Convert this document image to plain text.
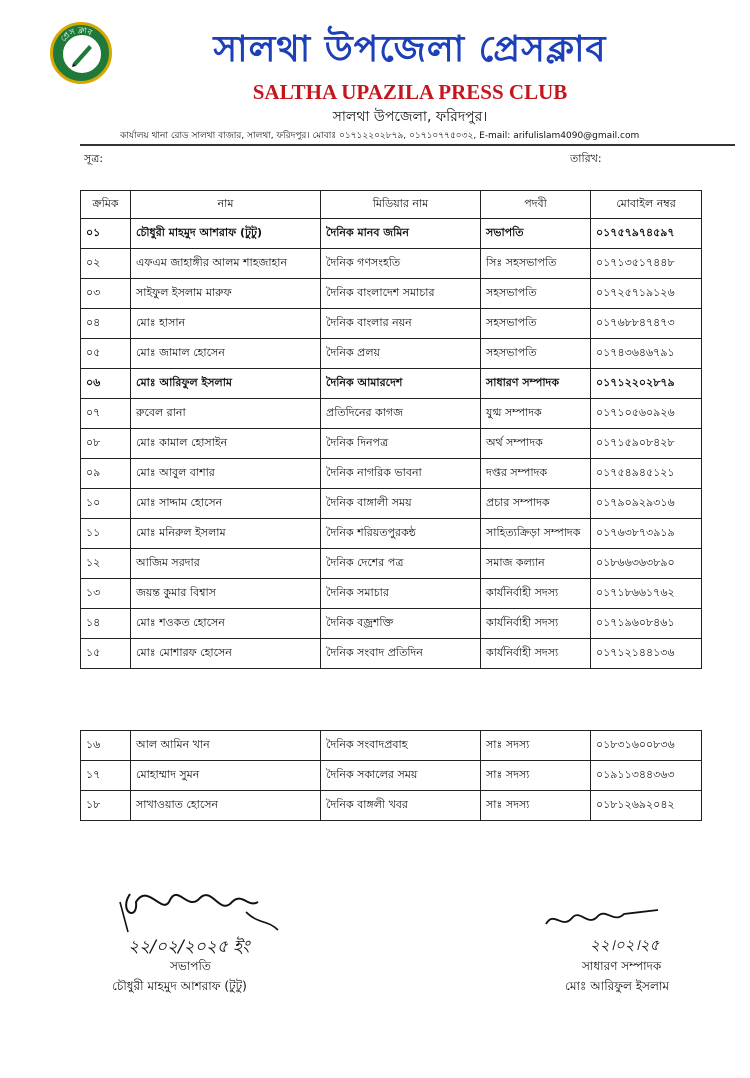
প্রেস ক্লাব	সালথা উপজেলা প্রেসক্লাব
SALTHA UPAZILA PRESS CLUB
সালথা উপজেলা, ফরিদপুর।
কার্যালয় থানা রোড সালথা বাজার, সালথা, ফরিদপুর। মোবাঃ ০১৭১২২০২৮৭৯, ০১৭১০৭৭৫০৩২, E-mail: arifulislam4090@gmail.com
সূত্র:	তারিখ:
ক্রমিক	নাম	মিডিয়ার নাম	পদবী	মোবাইল নম্বর
০১	চৌধুরী মাহমুদ আশরাফ (টুটু)	দৈনিক মানব জমিন	সভাপতি	০১৭৫৭৯৭৪৫৯৭
০২	এফএম জাহাঙ্গীর আলম শাহজাহান	দৈনিক গণসংহতি	সিঃ সহসভাপতি	০১৭১৩৫১৭৪৪৮
০৩	সাইফুল ইসলাম মারুফ	দৈনিক বাংলাদেশ সমাচার	সহসভাপতি	০১৭২৫৭১৯১২৬
০৪	মোঃ হাসান	দৈনিক বাংলার নয়ন	সহসভাপতি	০১৭৬৮৮৪৭৪৭৩
০৫	মোঃ জামাল হোসেন	দৈনিক প্রলয়	সহসভাপতি	০১৭৪৩৬৪৬৭৯১
০৬	মোঃ আরিফুল ইসলাম	দৈনিক আমারদেশ	সাধারণ সম্পাদক	০১৭১২২০২৮৭৯
০৭	রুবেল রানা	প্রতিদিনের কাগজ	যুগ্ম সম্পাদক	০১৭১০৫৬০৯২৬
০৮	মোঃ কামাল হোসাইন	দৈনিক দিনপত্র	অর্থ সম্পাদক	০১৭১৫৯০৮৪২৮
০৯	মোঃ আবুল বাশার	দৈনিক নাগরিক ভাবনা	দপ্তর সম্পাদক	০১৭৫৪৯৪৫১২১
১০	মোঃ সাদ্দাম হোসেন	দৈনিক বাঙ্গালী সময়	প্রচার সম্পাদক	০১৭৯০৯২৯৩১৬
১১	মোঃ মনিরুল ইসলাম	দৈনিক শরিয়তপুরকন্ঠ	সাহিত্যক্রিড়া সম্পাদক	০১৭৬৩৮৭৩৯১৯
১২	আজিম সরদার	দৈনিক দেশের পত্র	সমাজ কল্যান	০১৮৬৬৩৬৩৮৯০
১৩	জয়ন্ত কুমার বিশ্বাস	দৈনিক সমাচার	কার্যনির্বাহী সদস্য	০১৭১৮৬৬১৭৬২
১৪	মোঃ শওকত হোসেন	দৈনিক বজ্রশক্তি	কার্যনির্বাহী সদস্য	০১৭১৯৬০৮৪৬১
১৫	মোঃ মোশারফ হোসেন	দৈনিক সংবাদ প্রতিদিন	কার্যনির্বাহী সদস্য	০১৭১২১৪৪১৩৬
১৬	আল আমিন খান	দৈনিক সংবাদপ্রবাহ	সাঃ সদস্য	০১৮৩১৬০০৮৩৬
১৭	মোহাম্মাদ সুমন	দৈনিক সকালের সময়	সাঃ সদস্য	০১৯১১৩৪৪৩৬৩
১৮	সাখাওয়াত হোসেন	দৈনিক বাঙ্গলী খবর	সাঃ সদস্য	০১৮১২৬৯২০৪২
২২/০২/২০২৫ ইং	২২।০২।২৫
সভাপতি
চৌধুরী মাহমুদ আশরাফ (টুটু)
সাধারণ সম্পাদক
মোঃ আরিফুল ইসলাম
